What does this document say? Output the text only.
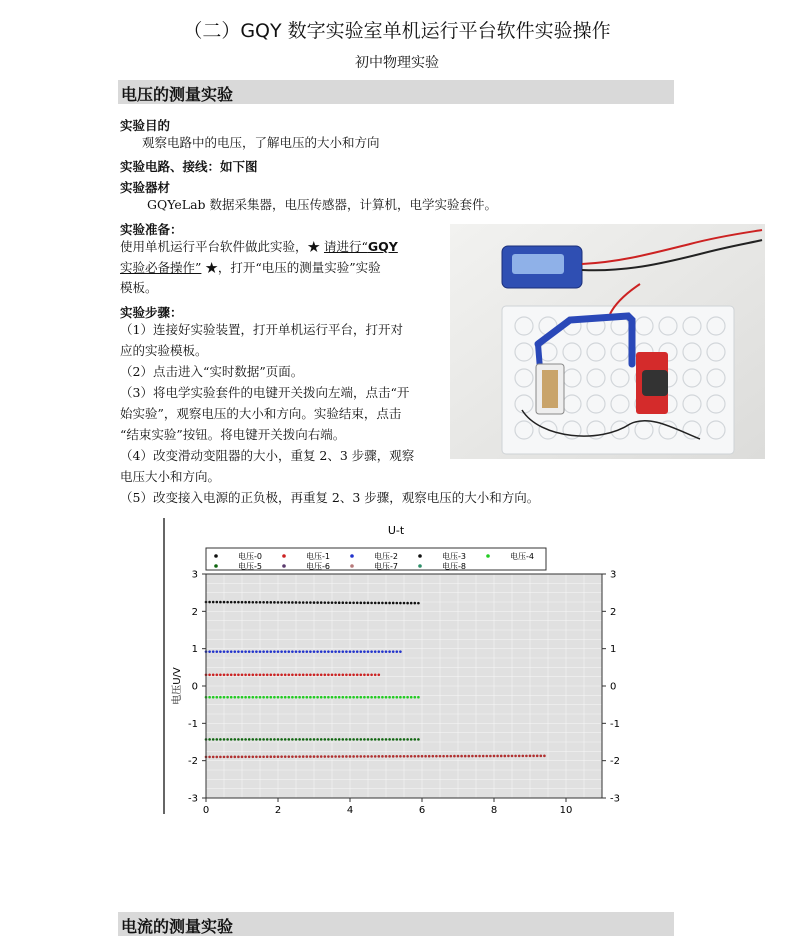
（二）GQY 数字实验室单机运行平台软件实验操作
初中物理实验
电压的测量实验
实验目的
观察电路中的电压，了解电压的大小和方向
实验电路、接线：如下图
实验器材
GQYeLab 数据采集器，电压传感器，计算机，电学实验套件。
实验准备：
使用单机运行平台软件做此实验，★ 请进行“GQY
实验必备操作” ★，打开“电压的测量实验”实验
模板。
实验步骤：
（1）连接好实验装置，打开单机运行平台，打开对
应的实验模板。
（2）点击进入“实时数据”页面。
（3）将电学实验套件的电键开关拨向左端，点击“开
始实验”，观察电压的大小和方向。实验结束，点击
“结束实验”按钮。将电键开关拨向右端。
（4）改变滑动变阻器的大小，重复 2、3 步骤，观察
电压大小和方向。
（5）改变接入电源的正负极，再重复 2、3 步骤，观察电压的大小和方向。
U-t
0	2	4	6	8	10
3	3
2	2
1	1
0	0
-1	-1
-2	-2
-3	-3
电压U/V
电压-0	电压-1	电压-2	电压-3	电压-4
电压-5	电压-6	电压-7	电压-8
电流的测量实验
